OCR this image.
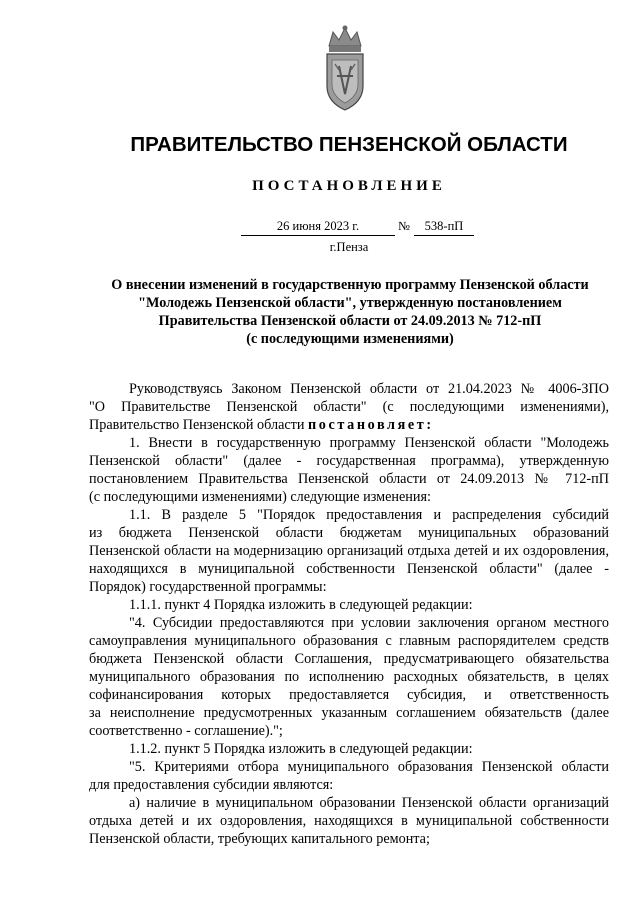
ПРАВИТЕЛЬСТВО ПЕНЗЕНСКОЙ ОБЛАСТИ
ПОСТАНОВЛЕНИЕ
26 июня 2023 г.	№	538-пП
г.Пенза
О внесении изменений в государственную программу Пензенской области
"Молодежь Пензенской области", утвержденную постановлением
Правительства Пензенской области от 24.09.2013 № 712-пП
(с последующими изменениями)
Руководствуясь Законом Пензенской области от 21.04.2023 № 4006-ЗПО
"О Правительстве Пензенской области" (с последующими изменениями),
Правительство Пензенской области постановляет:
1. Внести в государственную программу Пензенской области "Молодежь
Пензенской области" (далее - государственная программа), утвержденную
постановлением Правительства Пензенской области от 24.09.2013 № 712-пП
(с последующими изменениями) следующие изменения:
1.1. В разделе 5 "Порядок предоставления и распределения субсидий
из бюджета Пензенской области бюджетам муниципальных образований
Пензенской области на модернизацию организаций отдыха детей и их оздоровления,
находящихся в муниципальной собственности Пензенской области" (далее -
Порядок) государственной программы:
1.1.1. пункт 4 Порядка изложить в следующей редакции:
"4. Субсидии предоставляются при условии заключения органом местного
самоуправления муниципального образования с главным распорядителем средств
бюджета Пензенской области Соглашения, предусматривающего обязательства
муниципального образования по исполнению расходных обязательств, в целях
софинансирования которых предоставляется субсидия, и ответственность
за неисполнение предусмотренных указанным соглашением обязательств (далее
соответственно - соглашение).";
1.1.2. пункт 5 Порядка изложить в следующей редакции:
"5. Критериями отбора муниципального образования Пензенской области
для предоставления субсидии являются:
а) наличие в муниципальном образовании Пензенской области организаций
отдыха детей и их оздоровления, находящихся в муниципальной собственности
Пензенской области, требующих капитального ремонта;
